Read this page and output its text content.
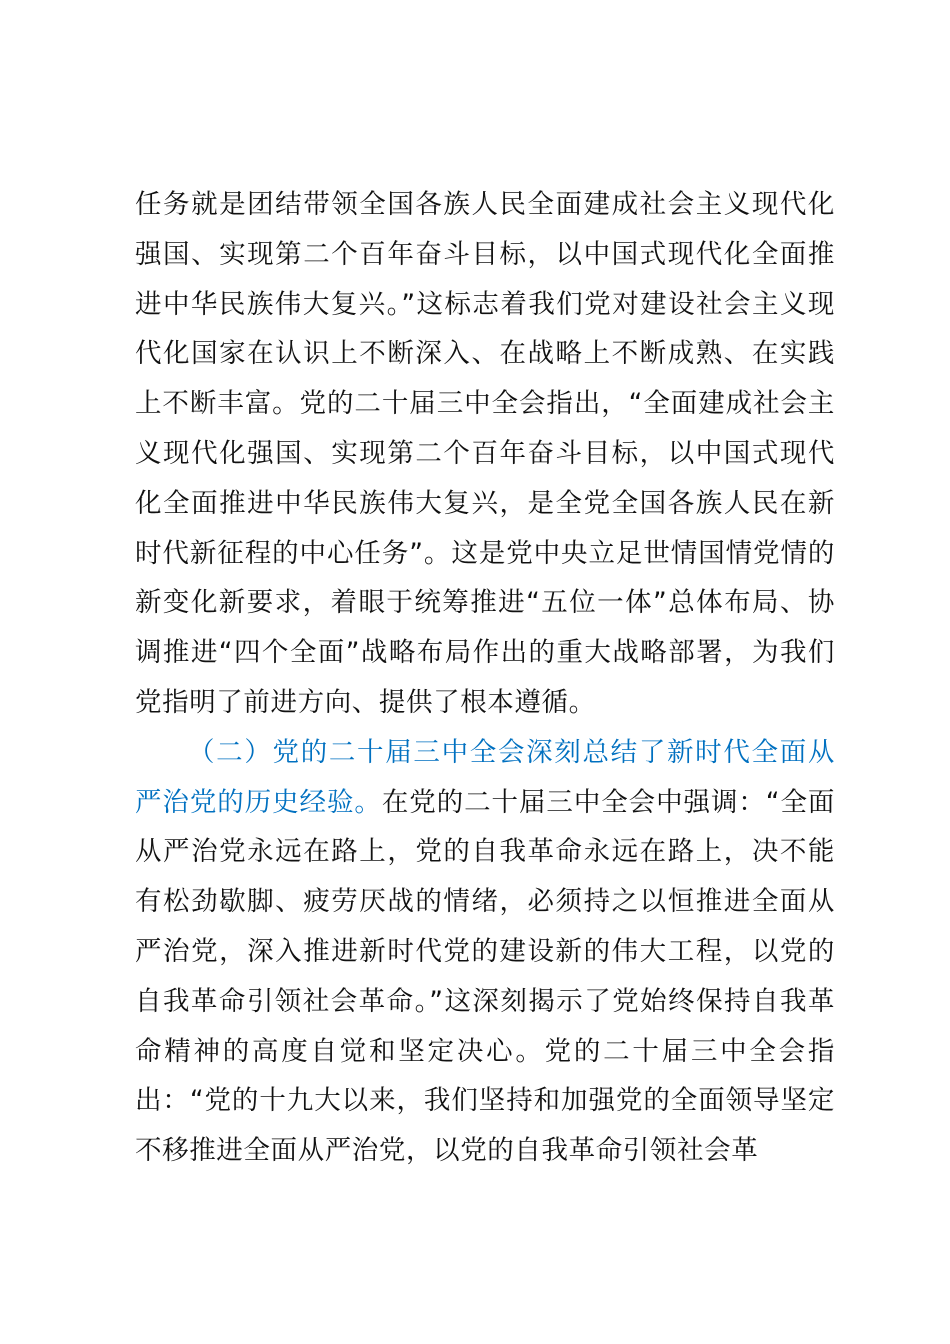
任务就是团结带领全国各族人民全面建成社会主义现代化强国、实现第二个百年奋斗目标，以中国式现代化全面推进中华民族伟大复兴。”这标志着我们党对建设社会主义现代化国家在认识上不断深入、在战略上不断成熟、在实践上不断丰富。党的二十届三中全会指出，“全面建成社会主义现代化强国、实现第二个百年奋斗目标，以中国式现代化全面推进中华民族伟大复兴，是全党全国各族人民在新时代新征程的中心任务”。这是党中央立足世情国情党情的新变化新要求，着眼于统筹推进“五位一体”总体布局、协调推进“四个全面”战略布局作出的重大战略部署，为我们党指明了前进方向、提供了根本遵循。

（二）党的二十届三中全会深刻总结了新时代全面从严治党的历史经验。在党的二十届三中全会中强调：“全面从严治党永远在路上，党的自我革命永远在路上，决不能有松劲歇脚、疲劳厌战的情绪，必须持之以恒推进全面从严治党，深入推进新时代党的建设新的伟大工程，以党的自我革命引领社会革命。”这深刻揭示了党始终保持自我革命精神的高度自觉和坚定决心。党的二十届三中全会指出：“党的十九大以来，我们坚持和加强党的全面领导坚定不移推进全面从严治党，以党的自我革命引领社会革
